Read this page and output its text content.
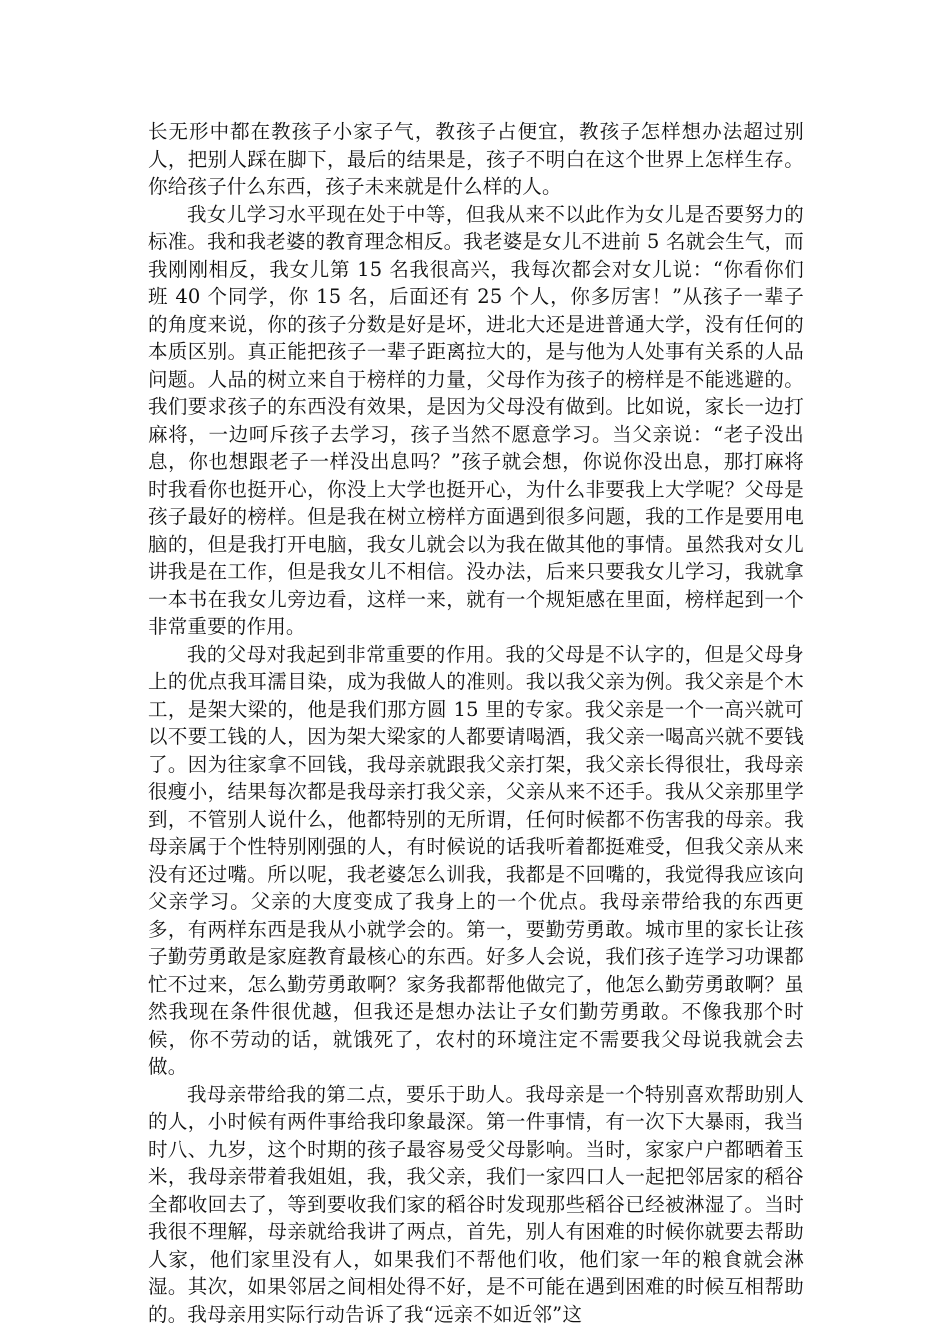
长无形中都在教孩子小家子气，教孩子占便宜，教孩子怎样想办法超过别人，把别人踩在脚下，最后的结果是，孩子不明白在这个世界上怎样生存。你给孩子什么东西，孩子未来就是什么样的人。

我女儿学习水平现在处于中等，但我从来不以此作为女儿是否要努力的标准。我和我老婆的教育理念相反。我老婆是女儿不进前 5 名就会生气，而我刚刚相反，我女儿第 15 名我很高兴，我每次都会对女儿说：“你看你们班 40 个同学，你 15 名，后面还有 25 个人，你多厉害！”从孩子一辈子的角度来说，你的孩子分数是好是坏，进北大还是进普通大学，没有任何的本质区别。真正能把孩子一辈子距离拉大的，是与他为人处事有关系的人品问题。人品的树立来自于榜样的力量，父母作为孩子的榜样是不能逃避的。我们要求孩子的东西没有效果，是因为父母没有做到。比如说，家长一边打麻将，一边呵斥孩子去学习，孩子当然不愿意学习。当父亲说：“老子没出息，你也想跟老子一样没出息吗？”孩子就会想，你说你没出息，那打麻将时我看你也挺开心，你没上大学也挺开心，为什么非要我上大学呢？父母是孩子最好的榜样。但是我在树立榜样方面遇到很多问题，我的工作是要用电脑的，但是我打开电脑，我女儿就会以为我在做其他的事情。虽然我对女儿讲我是在工作，但是我女儿不相信。没办法，后来只要我女儿学习，我就拿一本书在我女儿旁边看，这样一来，就有一个规矩感在里面，榜样起到一个非常重要的作用。

我的父母对我起到非常重要的作用。我的父母是不认字的，但是父母身上的优点我耳濡目染，成为我做人的准则。我以我父亲为例。我父亲是个木工，是架大梁的，他是我们那方圆 15 里的专家。我父亲是一个一高兴就可以不要工钱的人，因为架大梁家的人都要请喝酒，我父亲一喝高兴就不要钱了。因为往家拿不回钱，我母亲就跟我父亲打架，我父亲长得很壮，我母亲很瘦小，结果每次都是我母亲打我父亲，父亲从来不还手。我从父亲那里学到，不管别人说什么，他都特别的无所谓，任何时候都不伤害我的母亲。我母亲属于个性特别刚强的人，有时候说的话我听着都挺难受，但我父亲从来没有还过嘴。所以呢，我老婆怎么训我，我都是不回嘴的，我觉得我应该向父亲学习。父亲的大度变成了我身上的一个优点。我母亲带给我的东西更多，有两样东西是我从小就学会的。第一，要勤劳勇敢。城市里的家长让孩子勤劳勇敢是家庭教育最核心的东西。好多人会说，我们孩子连学习功课都忙不过来，怎么勤劳勇敢啊？家务我都帮他做完了，他怎么勤劳勇敢啊？虽然我现在条件很优越，但我还是想办法让子女们勤劳勇敢。不像我那个时候，你不劳动的话，就饿死了，农村的环境注定不需要我父母说我就会去做。

我母亲带给我的第二点，要乐于助人。我母亲是一个特别喜欢帮助别人的人，小时候有两件事给我印象最深。第一件事情，有一次下大暴雨，我当时八、九岁，这个时期的孩子最容易受父母影响。当时，家家户户都晒着玉米，我母亲带着我姐姐，我，我父亲，我们一家四口人一起把邻居家的稻谷全都收回去了，等到要收我们家的稻谷时发现那些稻谷已经被淋湿了。当时我很不理解，母亲就给我讲了两点，首先，别人有困难的时候你就要去帮助人家，他们家里没有人，如果我们不帮他们收，他们家一年的粮食就会淋湿。其次，如果邻居之间相处得不好，是不可能在遇到困难的时候互相帮助的。我母亲用实际行动告诉了我“远亲不如近邻”这
